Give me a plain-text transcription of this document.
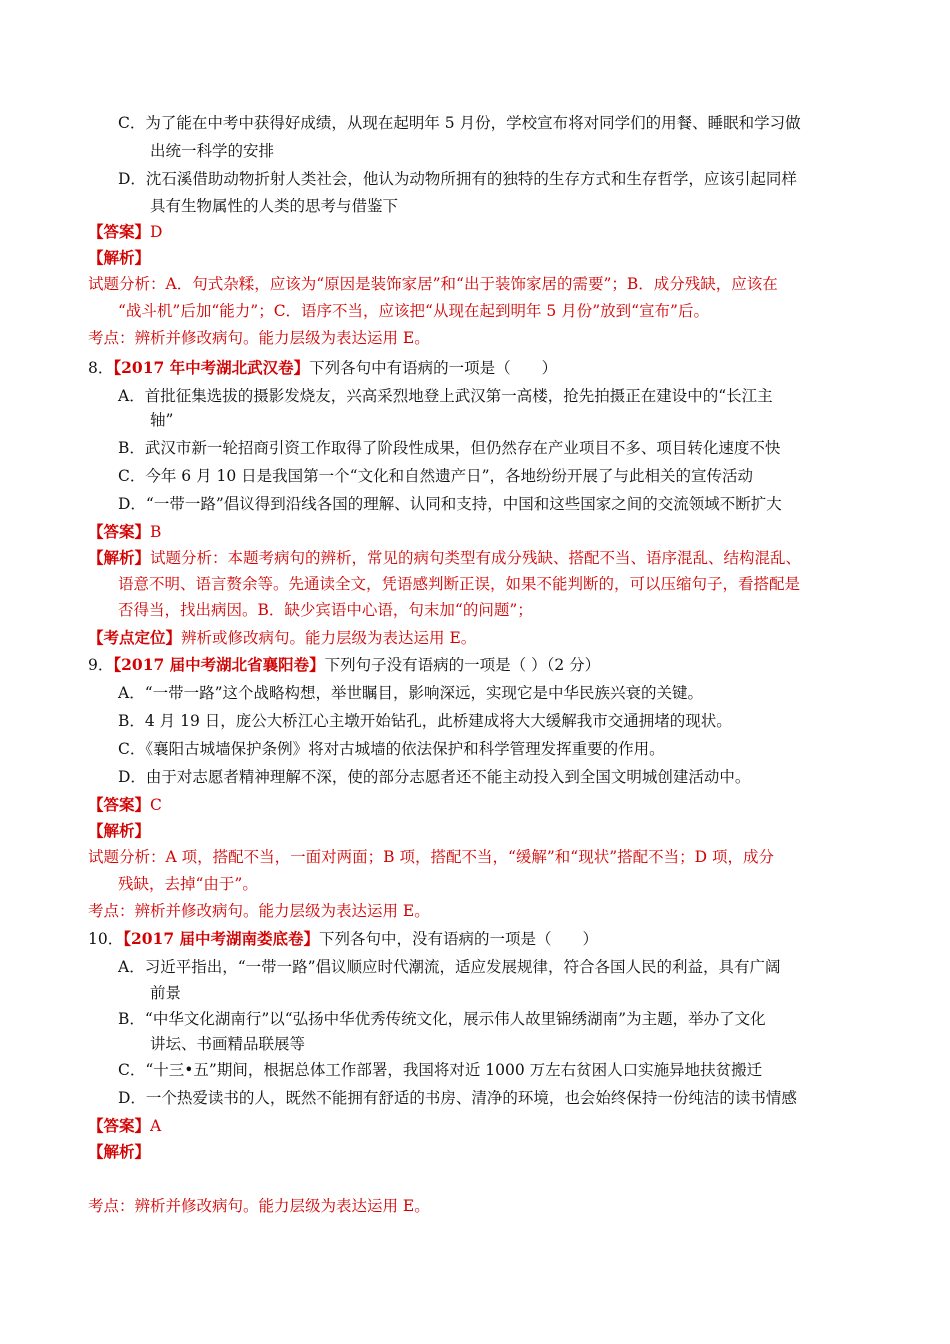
C．为了能在中考中获得好成绩，从现在起明年 5 月份，学校宣布将对同学们的用餐、睡眠和学习做
出统一科学的安排
D．沈石溪借助动物折射人类社会，他认为动物所拥有的独特的生存方式和生存哲学，应该引起同样
具有生物属性的人类的思考与借鉴下
【答案】D
【解析】
试题分析：A．句式杂糅，应该为“原因是装饰家居”和“出于装饰家居的需要”；B．成分残缺，应该在
“战斗机”后加“能力”；C．语序不当，应该把“从现在起到明年 5 月份”放到“宣布”后。
考点：辨析并修改病句。能力层级为表达运用 E。
8．【2017 年中考湖北武汉卷】下列各句中有语病的一项是（　　）
A．首批征集选拔的摄影发烧友，兴高采烈地登上武汉第一高楼，抢先拍摄正在建设中的“长江主
轴”
B．武汉市新一轮招商引资工作取得了阶段性成果，但仍然存在产业项目不多、项目转化速度不快
C．今年 6 月 10 日是我国第一个“文化和自然遗产日”，各地纷纷开展了与此相关的宣传活动
D．“一带一路”倡议得到沿线各国的理解、认同和支持，中国和这些国家之间的交流领域不断扩大
【答案】B
【解析】试题分析：本题考病句的辨析，常见的病句类型有成分残缺、搭配不当、语序混乱、结构混乱、
语意不明、语言赘余等。先通读全文，凭语感判断正误，如果不能判断的，可以压缩句子，看搭配是
否得当，找出病因。B．缺少宾语中心语，句末加“的问题”；
【考点定位】辨析或修改病句。能力层级为表达运用 E。
9．【2017 届中考湖北省襄阳卷】下列句子没有语病的一项是（ ）（2 分）
A．“一带一路”这个战略构想，举世瞩目，影响深远，实现它是中华民族兴衰的关键。
B．4 月 19 日，庞公大桥江心主墩开始钻孔，此桥建成将大大缓解我市交通拥堵的现状。
C．《襄阳古城墙保护条例》将对古城墙的依法保护和科学管理发挥重要的作用。
D．由于对志愿者精神理解不深，使的部分志愿者还不能主动投入到全国文明城创建活动中。
【答案】C
【解析】
试题分析：A 项，搭配不当，一面对两面；B 项，搭配不当，“缓解”和“现状”搭配不当；D 项，成分
残缺，去掉“由于”。
考点：辨析并修改病句。能力层级为表达运用 E。
10．【2017 届中考湖南娄底卷】下列各句中，没有语病的一项是（　　）
A．习近平指出，“一带一路”倡议顺应时代潮流，适应发展规律，符合各国人民的利益，具有广阔
前景
B．“中华文化湖南行”以“弘扬中华优秀传统文化，展示伟人故里锦绣湖南”为主题，举办了文化
讲坛、书画精品联展等
C．“十三•五”期间，根据总体工作部署，我国将对近 1000 万左右贫困人口实施异地扶贫搬迁
D．一个热爱读书的人，既然不能拥有舒适的书房、清净的环境，也会始终保持一份纯洁的读书情感
【答案】A
【解析】
考点：辨析并修改病句。能力层级为表达运用 E。
